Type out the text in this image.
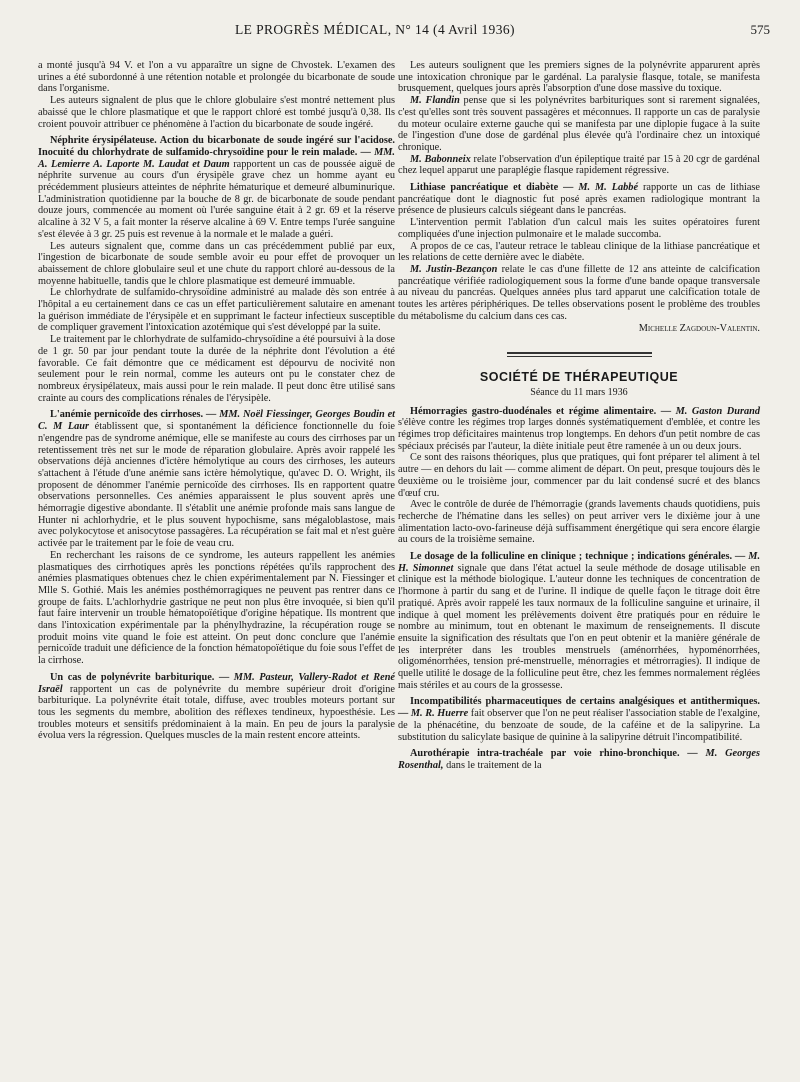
LE PROGRÈS MÉDICAL, N° 14 (4 Avril 1936)	575

a monté jusqu'à 94 V. et l'on a vu apparaître un signe de Chvostek. L'examen des urines a été subordonné à une rétention notable et prolongée du bicarbonate de soude dans l'organisme.

Les auteurs signalent de plus que le chlore globulaire s'est montré nettement plus abaissé que le chlore plasmatique et que le rapport chloré est tombé jusqu'à 0,38. Ils croient pouvoir attribuer ce phénomène à l'action du bicarbonate de soude ingéré.

Néphrite érysipélateuse. Action du bicarbonate de soude ingéré sur l'acidose. Inocuité du chlorhydrate de sulfamido-chrysoïdine pour le rein malade. — MM. A. Lemierre A. Laporte M. Laudat et Daum rapportent un cas de poussée aiguë de néphrite survenue au cours d'un érysipèle grave chez un homme ayant eu précédemment plusieurs atteintes de néphrite hématurique et demeuré albuminurique. L'administration quotidienne par la bouche de 8 gr. de bicarbonate de soude pendant douze jours, commencée au moment où l'urée sanguine était à 2 gr. 69 et la réserve alcaline à 32 V 5, a fait monter la réserve alcaline à 69 V. Entre temps l'urée sanguine s'est élevée à 3 gr. 25 puis est revenue à la normale et le malade a guéri.

Les auteurs signalent que, comme dans un cas précédemment publié par eux, l'ingestion de bicarbonate de soude semble avoir eu pour effet de provoquer un abaissement de chlore globulaire seul et une chute du rapport chloré au-dessous de la moyenne habituelle, tandis que le chlore plasmatique est demeuré immuable.

Le chlorhydrate de sulfamido-chrysoïdine administré au malade dès son entrée à l'hôpital a eu certainement dans ce cas un effet particulièrement salutaire en amenant la guérison immédiate de l'érysipèle et en supprimant le facteur infectieux susceptible de compliquer gravement l'intoxication azotémique qui s'est développé par la suite.

Le traitement par le chlorhydrate de sulfamido-chrysoïdine a été poursuivi à la dose de 1 gr. 50 par jour pendant toute la durée de la néphrite dont l'évolution a été favorable. Ce fait démontre que ce médicament est dépourvu de nocivité non seulement pour le rein normal, comme les auteurs ont pu le constater chez de nombreux érysipélateux, mais aussi pour le rein malade. Il peut donc être utilisé sans crainte au cours des complications rénales de l'érysipèle.

L'anémie pernicoïde des cirrhoses. — MM. Noël Fiessinger, Georges Boudin et C. M Laur établissent que, si spontanément la déficience fonctionnelle du foie n'engendre pas de syndrome anémique, elle se manifeste au cours des cirrhoses par un retentissement très net sur le mode de réparation globulaire. Après avoir rappelé les observations déjà anciennes d'ictère hémolytique au cours des cirrhoses, les auteurs s'attachent à l'étude d'une anémie sans ictère hémolytique, qu'avec D. O. Wright, ils proposent de dénommer l'anémie pernicoïde des cirrhoses. Ils en rapportent quatre observations personnelles. Ces anémies apparaissent le plus souvent après une hémorragie digestive abondante. Il s'établit une anémie profonde mais sans langue de Hunter ni achlorhydrie, et le plus souvent hypochisme, sans mégaloblastose, mais avec polykocytose et anisocytose passagères. La récupération se fait mal et n'est guère activée par le traitement par le foie de veau cru.

En recherchant les raisons de ce syndrome, les auteurs rappellent les anémies plasmatiques des cirrhotiques après les ponctions répétées qu'ils rapprochent des anémies plasmatiques obtenues chez le chien expérimentalement par N. Fiessinger et Mlle S. Gothié. Mais les anémies posthémorragiques ne peuvent pas rentrer dans ce groupe de faits. L'achlorhydrie gastrique ne peut non plus être invoquée, si bien qu'il faut faire intervenir un trouble hématopoïétique d'origine hépatique. Ils montrent que dans l'intoxication expérimentale par la phénylhydrazine, la récupération rouge se produit moins vite quand le foie est atteint. On peut donc conclure que l'anémie pernicoïde traduit une déficience de la fonction hématopoïétique du foie sous l'effet de la cirrhose.

Un cas de polynévrite barbiturique. — MM. Pasteur, Vallery-Radot et René Israël rapportent un cas de polynévrite du membre supérieur droit d'origine barbiturique. La polynévrite était totale, diffuse, avec troubles moteurs portant sur tous les segments du membre, abolition des réflexes tendineux, hypoesthésie. Les troubles moteurs et sensitifs prédominaient à la main. En peu de jours la paralysie évolua vers la régression. Quelques muscles de la main restent encore atteints.

Les auteurs soulignent que les premiers signes de la polynévrite apparurent après une intoxication chronique par le gardénal. La paralysie flasque, totale, se manifesta brusquement, quelques jours après l'absorption d'une dose massive du toxique.

M. Flandin pense que si les polynévrites barbituriques sont si rarement signalées, c'est qu'elles sont très souvent passagères et méconnues. Il rapporte un cas de paralysie du moteur oculaire externe gauche qui se manifesta par une diplopie fugace à la suite de l'ingestion d'une dose de gardénal plus élevée qu'à l'ordinaire chez un intoxiqué chronique.

M. Babonneix relate l'observation d'un épileptique traité par 15 à 20 cgr de gardénal chez lequel apparut une paraplégie flasque rapidement régressive.

Lithiase pancréatique et diabète — M. M. Labbé rapporte un cas de lithiase pancréatique dont le diagnostic fut posé après examen radiologique montrant la présence de plusieurs calculs siégeant dans le pancréas.

L'intervention permit l'ablation d'un calcul mais les suites opératoires furent compliquées d'une injection pulmonaire et le malade succomba.

A propos de ce cas, l'auteur retrace le tableau clinique de la lithiase pancréatique et les relations de cette dernière avec le diabète.

M. Justin-Bezançon relate le cas d'une fillette de 12 ans atteinte de calcification pancréatique vérifiée radiologiquement sous la forme d'une bande opaque transversale au niveau du pancréas. Quelques années plus tard apparut une calcification totale de toutes les artères périphériques. De telles observations posent le problème des troubles du métabolisme du calcium dans ces cas.

Michelle Zagdoun-Valentin.
SOCIÉTÉ DE THÉRAPEUTIQUE
Séance du 11 mars 1936

Hémorragies gastro-duodénales et régime alimentaire. — M. Gaston Durand s'élève contre les régimes trop larges donnés systématiquement d'emblée, et contre les régimes trop déficitaires maintenus trop longtemps. En dehors d'un petit nombre de cas spéciaux précisés par l'auteur, la diète initiale peut être ramenée à un ou deux jours.

Ce sont des raisons théoriques, plus que pratiques, qui font préparer tel aliment à tel autre — en dehors du lait — comme aliment de départ. On peut, presque toujours dès le deuxième ou le troisième jour, commencer par du lait condensé sucré et des blancs d'œuf cru.

Avec le contrôle de durée de l'hémorragie (grands lavements chauds quotidiens, puis recherche de l'hématine dans les selles) on peut arriver vers le dixième jour à une alimentation lacto-ovo-farineuse déjà suffisamment énergétique qui sera encore élargie au cours de la troisième semaine.

Le dosage de la folliculine en clinique ; technique ; indications générales. — M. H. Simonnet signale que dans l'état actuel la seule méthode de dosage utilisable en clinique est la méthode biologique. L'auteur donne les techniques de concentration de l'hormone à partir du sang et de l'urine. Il indique de quelle façon le titrage doit être pratiqué. Après avoir rappelé les taux normaux de la folliculine sanguine et urinaire, il indique à quel moment les prélèvements doivent être pratiqués pour en réduire le nombre au minimum, tout en obtenant le maximum de renseignements. Il discute ensuite la signification des résultats que l'on en peut obtenir et la manière générale de les interpréter dans les troubles menstruels (aménorrhées, hypoménorrhées, oligoménorrhées, tension pré-menstruelle, ménorragies et métrorragies). Il indique de quelle utilité le dosage de la folliculine peut être, chez les femmes normalement réglées mais stériles et au cours de la grossesse.

Incompatibilités pharmaceutiques de certains analgésiques et antithermiques. — M. R. Huerre fait observer que l'on ne peut réaliser l'association stable de l'exalgine, de la phénacétine, du benzoate de soude, de la caféine et de la salipyrine. La substitution du salicylate basique de quinine à la salipyrine détruit l'incompatibilité.

Aurothérapie intra-trachéale par voie rhino-bronchique. — M. Georges Rosenthal, dans le traitement de la
